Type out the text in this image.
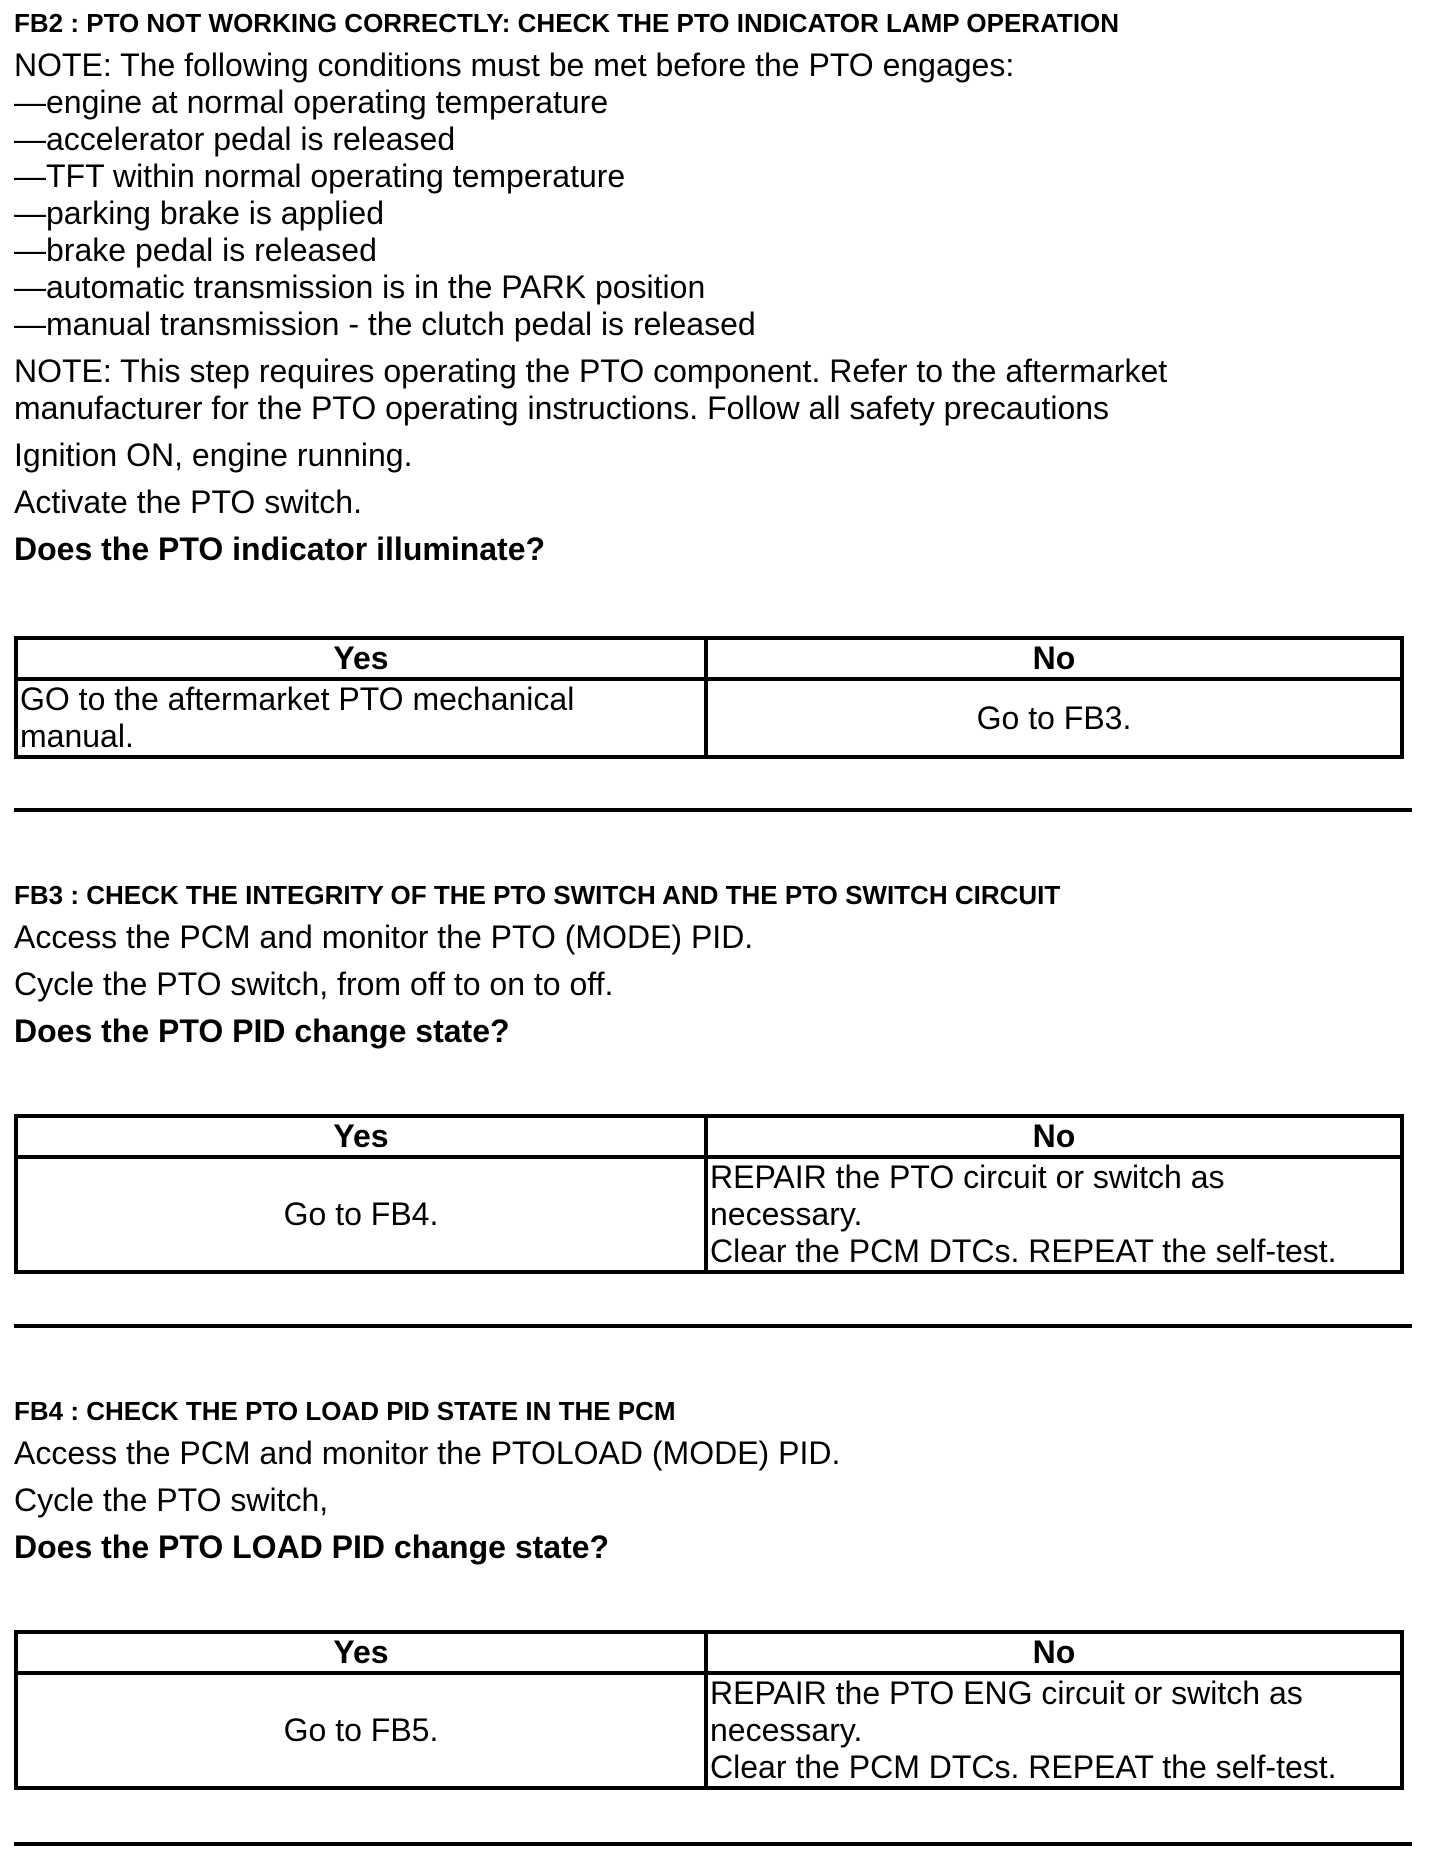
FB2 : PTO NOT WORKING CORRECTLY: CHECK THE PTO INDICATOR LAMP OPERATION

NOTE: The following conditions must be met before the PTO engages:

—engine at normal operating temperature

—accelerator pedal is released

—TFT within normal operating temperature

—parking brake is applied

—brake pedal is released

—automatic transmission is in the PARK position

—manual transmission - the clutch pedal is released

NOTE: This step requires operating the PTO component. Refer to the aftermarket

manufacturer for the PTO operating instructions. Follow all safety precautions

Ignition ON, engine running.

Activate the PTO switch.

Does the PTO indicator illuminate?

Yes	No

GO to the aftermarket PTO mechanical
manual.	Go to FB3.

FB3 : CHECK THE INTEGRITY OF THE PTO SWITCH AND THE PTO SWITCH CIRCUIT

Access the PCM and monitor the PTO (MODE) PID.

Cycle the PTO switch, from off to on to off.

Does the PTO PID change state?

Yes	No
Go to FB4.	REPAIR the PTO circuit or switch as
necessary.
Clear the PCM DTCs. REPEAT the self-test.

FB4 : CHECK THE PTO LOAD PID STATE IN THE PCM

Access the PCM and monitor the PTOLOAD (MODE) PID.

Cycle the PTO switch,

Does the PTO LOAD PID change state?

Yes	No
Go to FB5.	REPAIR the PTO ENG circuit or switch as
necessary.
Clear the PCM DTCs. REPEAT the self-test.
